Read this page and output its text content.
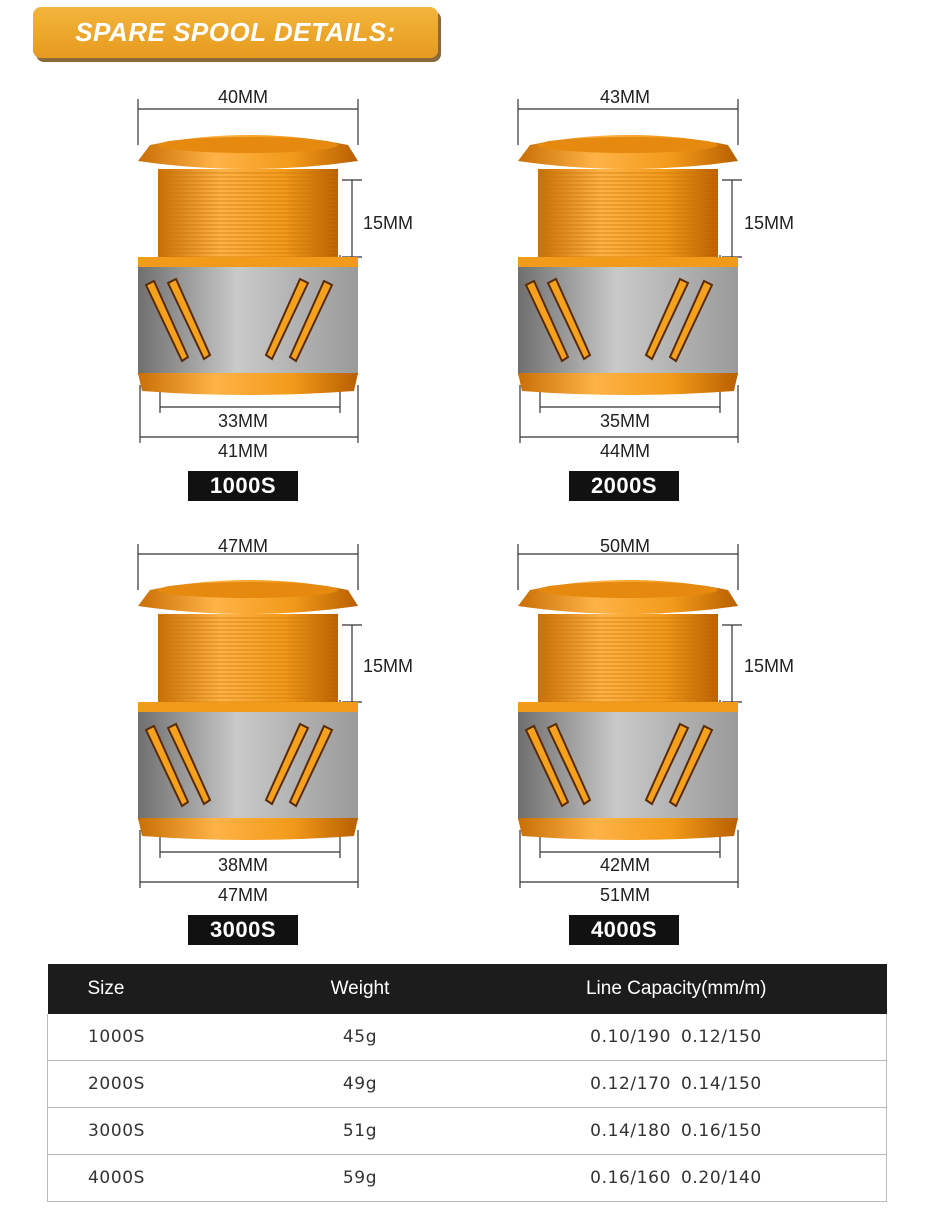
SPARE SPOOL DETAILS:
40MM
15MM
33MM
41MM
1000S
43MM
15MM
35MM
44MM
2000S
47MM
15MM
38MM
47MM
3000S
50MM
15MM
42MM
51MM
4000S
Size	Weight	Line Capacity(mm/m)
1000S	45g	0.10/190 0.12/150
2000S	49g	0.12/170 0.14/150
3000S	51g	0.14/180 0.16/150
4000S	59g	0.16/160 0.20/140
